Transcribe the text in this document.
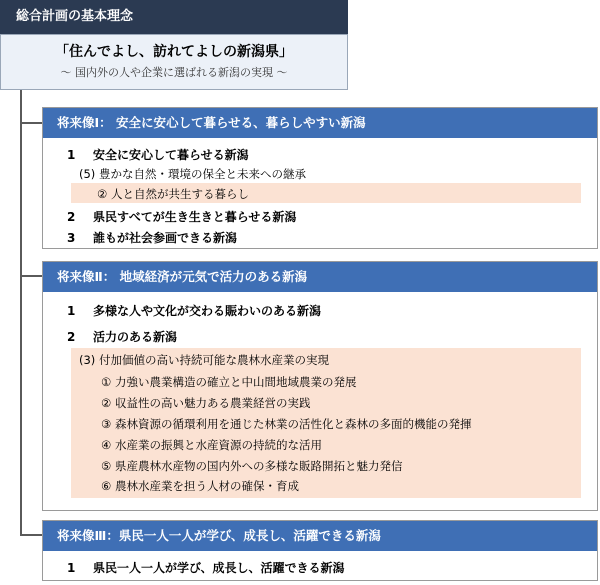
総合計画の基本理念
「住んでよし、訪れてよしの新潟県」
～ 国内外の人や企業に選ばれる新潟の実現 ～
将来像Ⅰ： 安全に安心して暮らせる、暮らしやすい新潟
1 安全に安心して暮らせる新潟
(5) 豊かな自然・環境の保全と未来への継承
② 人と自然が共生する暮らし
2 県民すべてが生き生きと暮らせる新潟
3 誰もが社会参画できる新潟
将来像Ⅱ： 地域経済が元気で活力のある新潟
1 多様な人や文化が交わる賑わいのある新潟
2 活力のある新潟
(3) 付加価値の高い持続可能な農林水産業の実現
① 力強い農業構造の確立と中山間地域農業の発展
② 収益性の高い魅力ある農業経営の実践
③ 森林資源の循環利用を通じた林業の活性化と森林の多面的機能の発揮
④ 水産業の振興と水産資源の持続的な活用
⑤ 県産農林水産物の国内外への多様な販路開拓と魅力発信
⑥ 農林水産業を担う人材の確保・育成
将来像Ⅲ：県民一人一人が学び、成長し、活躍できる新潟
1 県民一人一人が学び、成長し、活躍できる新潟
